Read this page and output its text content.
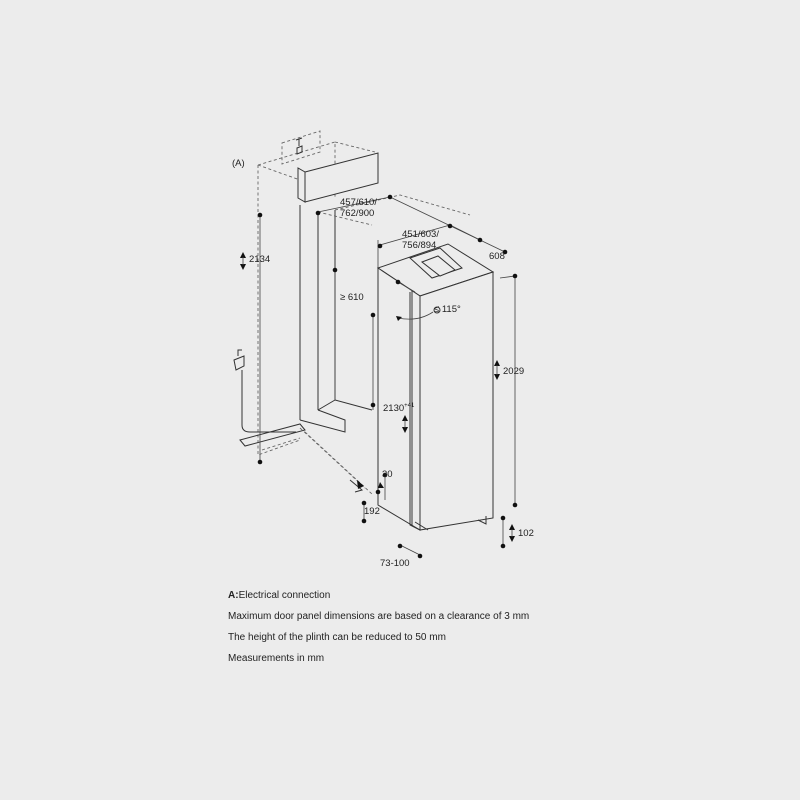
(A)
457/610/ 762/900
451/603/ 756/894
608
2134
≥ 610
≤ 115°
2029
$2130^{+41}$
30
192
102
73-100
A:Electrical connection
Maximum door panel dimensions are based on a clearance of 3 mm
The height of the plinth can be reduced to 50 mm
Measurements in mm
